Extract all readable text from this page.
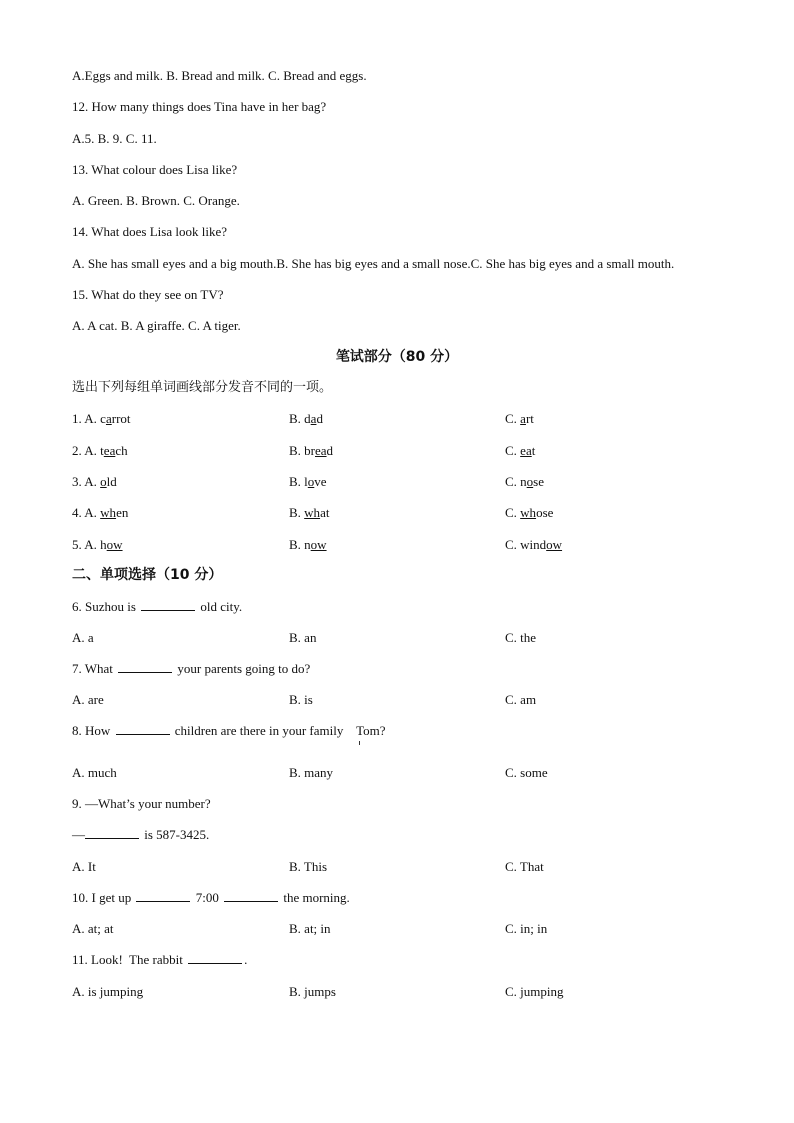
A.Eggs and milk. B. Bread and milk. C. Bread and eggs.
12. How many things does Tina have in her bag?
A.5. B. 9. C. 11.
13. What colour does Lisa like?
A. Green. B. Brown. C. Orange.
14. What does Lisa look like?
A. She has small eyes and a big mouth.B. She has big eyes and a small nose.C. She has big eyes and a small mouth.
15. What do they see on TV?
A. A cat. B. A giraffe. C. A tiger.
笔试部分（80 分）
选出下列每组单词画线部分发音不同的一项。
1. A. carrot	B. dad	C. art
2. A. teach	B. bread	C. eat
3. A. old	B. love	C. nose
4. A. when	B. what	C. whose
5. A. how	B. now	C. window
二、单项选择（10 分）
6. Suzhou is	old city.
A. a	B. an	C. the
7. What	your parents going to do?
A. are	B. is	C. am
8. How	children are there in your family    Tom?
A. much	B. many	C. some
9. —What’s your number?
—	is 587-3425.
A. It	B. This	C. That
10. I get up	7:00	the morning.
A. at; at	B. at; in	C. in; in
11. Look!  The rabbit	.
A. is jumping	B. jumps	C. jumping
